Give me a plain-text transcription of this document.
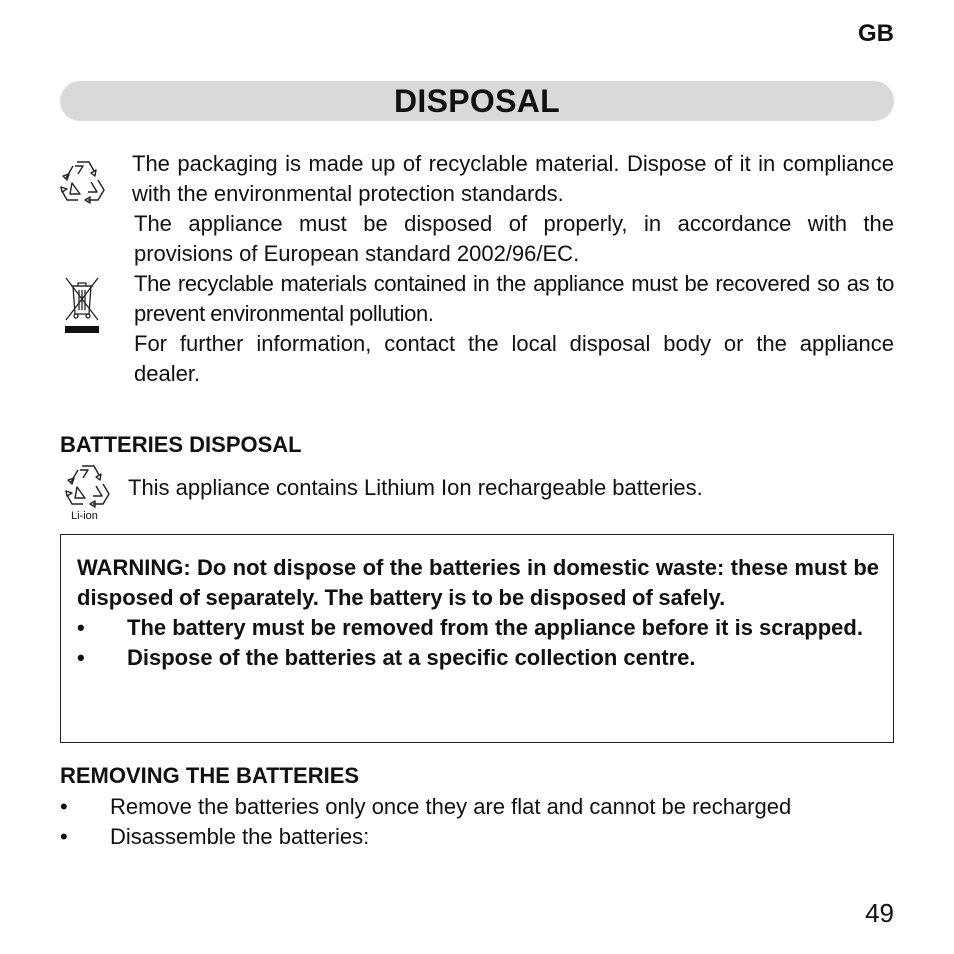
GB
DISPOSAL

The packaging is made up of recyclable material. Dispose of it in compliance with the environmental protection standards.

The appliance must be disposed of properly, in accordance with the provisions of European standard 2002/96/EC.

The recyclable materials contained in the appliance must be recovered so as to prevent environmental pollution.

For further information, contact the local disposal body or the appliance dealer.

BATTERIES DISPOSAL

Li-ion
This appliance contains Lithium Ion rechargeable batteries.

WARNING: Do not dispose of the batteries in domestic waste: these must be disposed of separately. The battery is to be disposed of safely.

•	The battery must be removed from the appliance before it is scrapped.
•	Dispose of the batteries at a specific collection centre.

REMOVING THE BATTERIES

•	Remove the batteries only once they are flat and cannot be recharged
•	Disassemble the batteries:
49
